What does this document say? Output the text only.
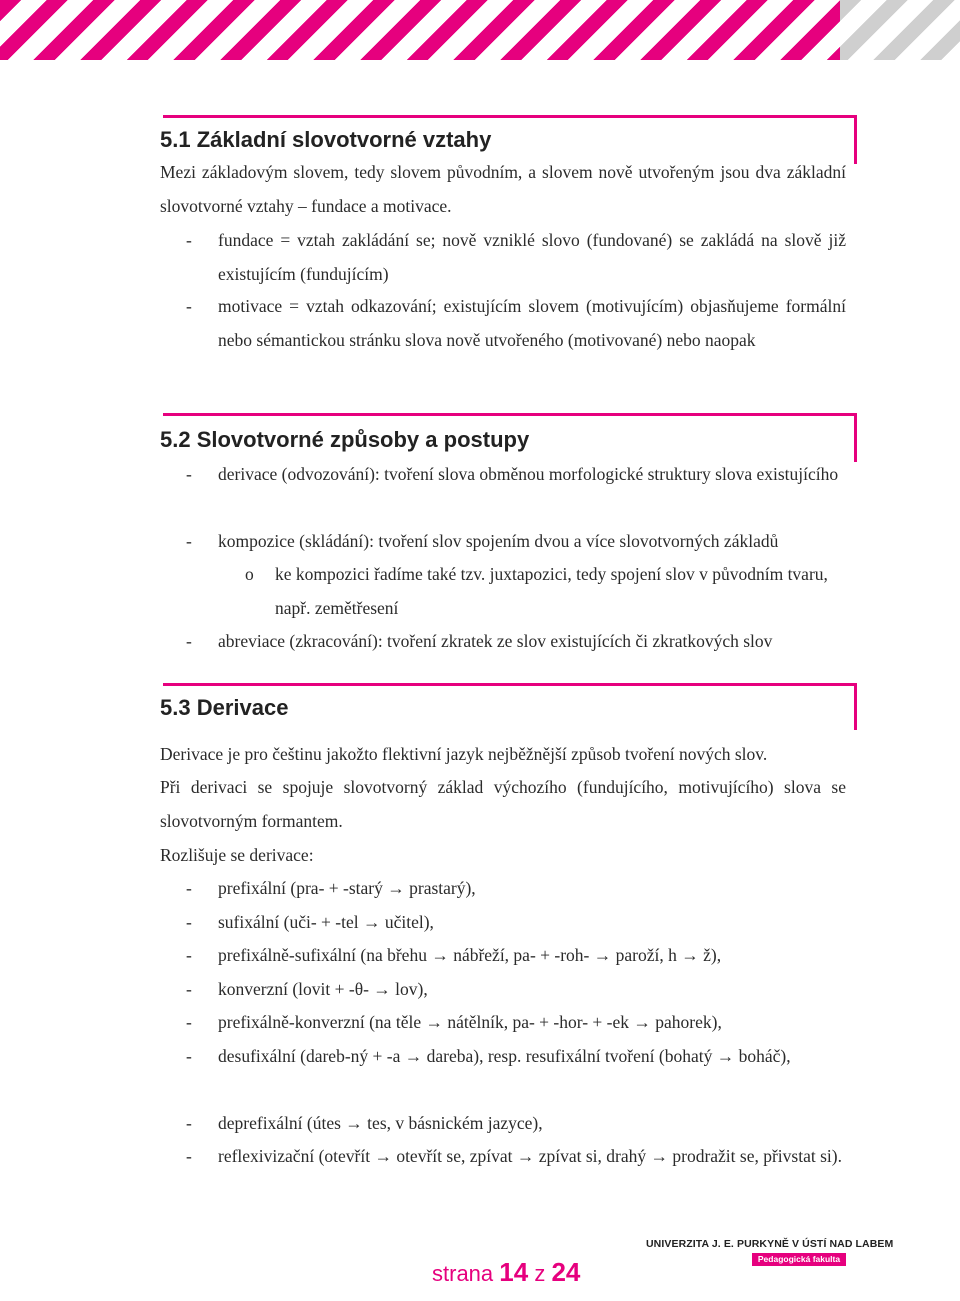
5.1 Základní slovotvorné vztahy
Mezi základovým slovem, tedy slovem původním, a slovem nově utvořeným jsou dva základní slovotvorné vztahy – fundace a motivace.
- fundace = vztah zakládání se; nově vzniklé slovo (fundované) se zakládá na slově již existujícím (fundujícím)
- motivace = vztah odkazování; existujícím slovem (motivujícím) objasňujeme formální nebo sémantickou stránku slova nově utvořeného (motivované) nebo naopak
5.2 Slovotvorné způsoby a postupy
- derivace (odvozování): tvoření slova obměnou morfologické struktury slova existujícího
- kompozice (skládání): tvoření slov spojením dvou a více slovotvorných základů
o ke kompozici řadíme také tzv. juxtapozici, tedy spojení slov v původním tvaru, např. zemětřesení
- abreviace (zkracování): tvoření zkratek ze slov existujících či zkratkových slov
5.3 Derivace
Derivace je pro češtinu jakožto flektivní jazyk nejběžnější způsob tvoření nových slov.
Při derivaci se spojuje slovotvorný základ výchozího (fundujícího, motivujícího) slova se slovotvorným formantem.
Rozlišuje se derivace:
- prefixální (pra- + -starý → prastarý),
- sufixální (uči- + -tel → učitel),
- prefixálně-sufixální (na břehu → nábřeží, pa- + -roh- → paroží, h → ž),
- konverzní (lovit + -θ- → lov),
- prefixálně-konverzní (na těle → nátělník, pa- + -hor- + -ek → pahorek),
- desufixální (dareb-ný + -a → dareba), resp. resufixální tvoření (bohatý → boháč),
- deprefixální (útes → tes, v básnickém jazyce),
- reflexivizační (otevřít → otevřít se, zpívat → zpívat si, drahý → prodražit se, přivstat si).
strana 14 z 24
UNIVERZITA J. E. PURKYNĚ V ÚSTÍ NAD LABEM
Pedagogická fakulta
